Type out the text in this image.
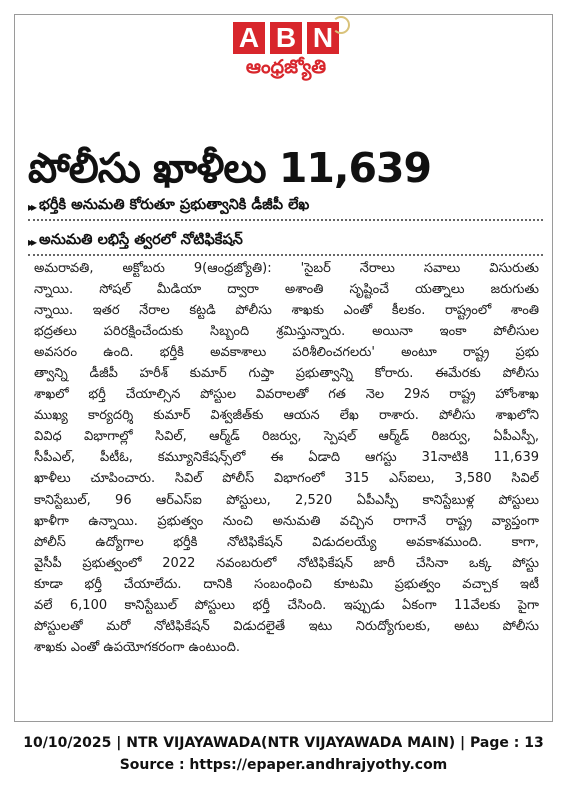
A B N
ఆంధ్రజ్యోతి
పోలీసు ఖాళీలు 11,639
▸▸ భర్తీకి అనుమతి కోరుతూ ప్రభుత్వానికి డీజీపీ లేఖ
▸▸ అనుమతి లభిస్తే త్వరలో నోటిఫికేషన్
అమరావతి, అక్టోబరు 9(ఆంధ్రజ్యోతి): 'సైబర్ నేరాలు సవాలు విసురుతు
న్నాయి. సోషల్ మీడియా ద్వారా అశాంతి సృష్టించే యత్నాలు జరుగుతు
న్నాయి. ఇతర నేరాల కట్టడి పోలీసు శాఖకు ఎంతో కీలకం. రాష్ట్రంలో శాంతి
భద్రతలు పరిరక్షించేందుకు సిబ్బంది శ్రమిస్తున్నారు. అయినా ఇంకా పోలీసుల
అవసరం ఉంది. భర్తీకి అవకాశాలు పరిశీలించగలరు' అంటూ రాష్ట్ర ప్రభు
త్వాన్ని డీజీపీ హరీశ్ కుమార్ గుప్తా ప్రభుత్వాన్ని కోరారు. ఈమేరకు పోలీసు
శాఖలో భర్తీ చేయాల్సిన పోస్టుల వివరాలతో గత నెల 29న రాష్ట్ర హోంశాఖ
ముఖ్య కార్యదర్శి కుమార్ విశ్వజీత్‌కు ఆయన లేఖ రాశారు. పోలీసు శాఖలోని
వివిధ విభాగాల్లో సివిల్, ఆర్మ్‌డ్ రిజర్వు, స్పెషల్ ఆర్మ్‌డ్ రిజర్వు, ఏపీఎస్పీ,
సీపీఎల్, పీటీఓ, కమ్యూనికేషన్స్‌లో ఈ ఏడాది ఆగస్టు 31నాటికి 11,639
ఖాళీలు చూపించారు. సివిల్ పోలీస్ విభాగంలో 315 ఎస్ఐలు, 3,580 సివిల్
కానిస్టేబుల్, 96 ఆర్ఎస్ఐ పోస్టులు, 2,520 ఏపీఎస్పీ కానిస్టేబుళ్ల పోస్టులు
ఖాళీగా ఉన్నాయి. ప్రభుత్వం నుంచి అనుమతి వచ్చిన రాగానే రాష్ట్ర వ్యాప్తంగా
పోలీస్ ఉద్యోగాల భర్తీకి నోటిఫికేషన్ విడుదలయ్యే అవకాశముంది. కాగా,
వైసీపీ ప్రభుత్వంలో 2022 నవంబరులో నోటిఫికేషన్ జారీ చేసినా ఒక్క పోస్టు
కూడా భర్తీ చేయాలేదు. దానికి సంబంధించి కూటమి ప్రభుత్వం వచ్చాక ఇటీ
వలే 6,100 కానిస్టేబుల్ పోస్టులు భర్తీ చేసింది. ఇప్పుడు ఏకంగా 11వేలకు పైగా
పోస్టులతో మరో నోటిఫికేషన్ విడుదలైతే ఇటు నిరుద్యోగులకు, అటు పోలీసు
శాఖకు ఎంతో ఉపయోగకరంగా ఉంటుంది.
10/10/2025 | NTR VIJAYAWADA(NTR VIJAYAWADA MAIN) | Page : 13
Source : https://epaper.andhrajyothy.com
